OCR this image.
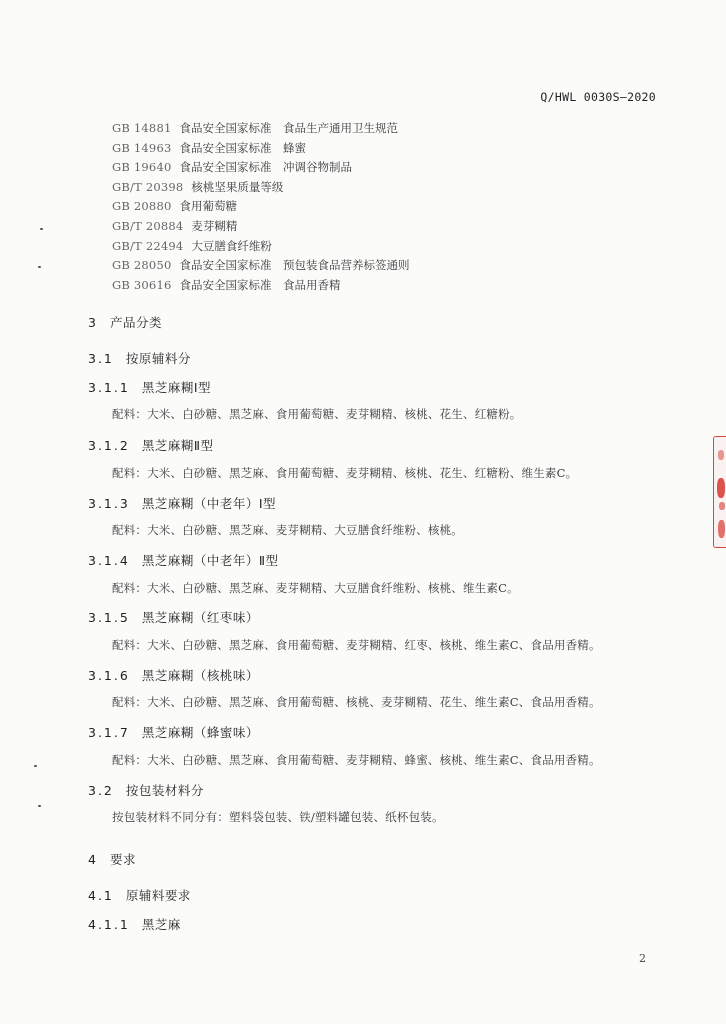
Q/HWL 0030S—2020
GB 14881 食品安全国家标准　食品生产通用卫生规范
GB 14963 食品安全国家标准　蜂蜜
GB 19640 食品安全国家标准　冲调谷物制品
GB/T 20398 核桃坚果质量等级
GB 20880 食用葡萄糖
GB/T 20884 麦芽糊精
GB/T 22494 大豆膳食纤维粉
GB 28050 食品安全国家标准　预包装食品营养标签通则
GB 30616 食品安全国家标准　食品用香精
3 产品分类
3.1 按原辅料分
3.1.1 黑芝麻糊Ⅰ型
配料：大米、白砂糖、黑芝麻、食用葡萄糖、麦芽糊精、核桃、花生、红糖粉。
3.1.2 黑芝麻糊Ⅱ型
配料：大米、白砂糖、黑芝麻、食用葡萄糖、麦芽糊精、核桃、花生、红糖粉、维生素C。
3.1.3 黑芝麻糊（中老年）Ⅰ型
配料：大米、白砂糖、黑芝麻、麦芽糊精、大豆膳食纤维粉、核桃。
3.1.4 黑芝麻糊（中老年）Ⅱ型
配料：大米、白砂糖、黑芝麻、麦芽糊精、大豆膳食纤维粉、核桃、维生素C。
3.1.5 黑芝麻糊（红枣味）
配料：大米、白砂糖、黑芝麻、食用葡萄糖、麦芽糊精、红枣、核桃、维生素C、食品用香精。
3.1.6 黑芝麻糊（核桃味）
配料：大米、白砂糖、黑芝麻、食用葡萄糖、核桃、麦芽糊精、花生、维生素C、食品用香精。
3.1.7 黑芝麻糊（蜂蜜味）
配料：大米、白砂糖、黑芝麻、食用葡萄糖、麦芽糊精、蜂蜜、核桃、维生素C、食品用香精。
3.2 按包装材料分
按包装材料不同分有：塑料袋包装、铁/塑料罐包装、纸杯包装。
4 要求
4.1 原辅料要求
4.1.1 黑芝麻
2
